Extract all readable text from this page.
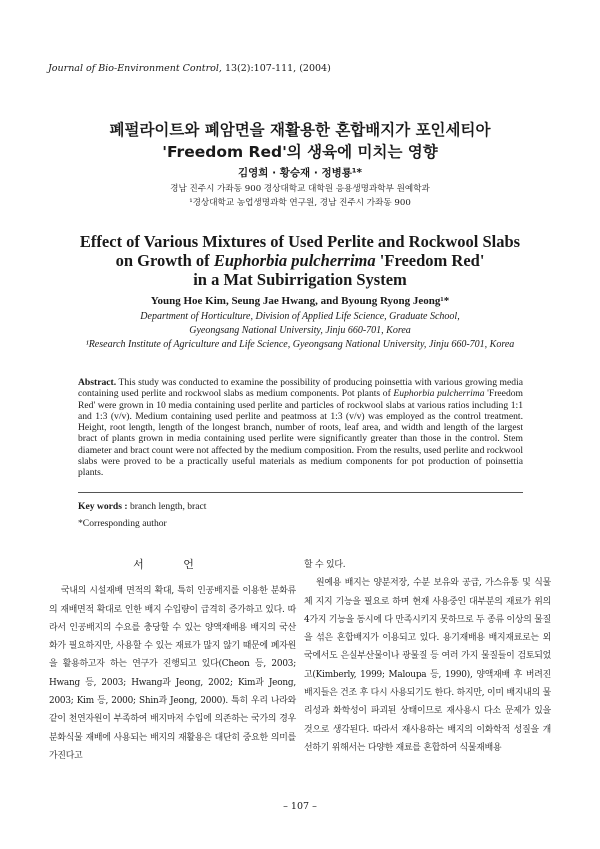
Journal of Bio-Environment Control, 13(2):107-111, (2004)
폐펄라이트와 폐암면을 재활용한 혼합배지가 포인세티아
'Freedom Red'의 생육에 미치는 영향
김영희 · 황승재 · 정병룡¹*
경남 진주시 가좌동 900 경상대학교 대학원 응용생명과학부 원예학과
¹경상대학교 농업생명과학 연구원, 경남 진주시 가좌동 900
Effect of Various Mixtures of Used Perlite and Rockwool Slabs
on Growth of Euphorbia pulcherrima 'Freedom Red'
in a Mat Subirrigation System
Young Hoe Kim, Seung Jae Hwang, and Byoung Ryong Jeong¹*
Department of Horticulture, Division of Applied Life Science, Graduate School,
Gyeongsang National University, Jinju 660-701, Korea
¹Research Institute of Agriculture and Life Science, Gyeongsang National University, Jinju 660-701, Korea
Abstract. This study was conducted to examine the possibility of producing poinsettia with various growing media containing used perlite and rockwool slabs as medium components. Pot plants of Euphorbia pulcherrima 'Freedom Red' were grown in 10 media containing used perlite and particles of rockwool slabs at various ratios including 1:1 and 1:3 (v/v). Medium containing used perlite and peatmoss at 1:3 (v/v) was employed as the control treatment. Height, root length, length of the longest branch, number of roots, leaf area, and width and length of the largest bract of plants grown in media containing used perlite were significantly greater than those in the control. Stem diameter and bract count were not affected by the medium composition. From the results, used perlite and rockwool slabs were proved to be a practically useful materials as medium components for pot production of poinsettia plants.
Key words : branch length, bract
*Corresponding author
서 언

국내의 시설재배 면적의 확대, 특히 인공배지를 이용한 분화류의 재배면적 확대로 인한 배지 수입량이 급격히 증가하고 있다. 따라서 인공배지의 수요를 충당할 수 있는 양액재배용 배지의 국산화가 필요하지만, 사용할 수 있는 재료가 많지 않기 때문에 폐자원을 활용하고자 하는 연구가 진행되고 있다(Cheon 등, 2003; Hwang 등, 2003; Hwang과 Jeong, 2002; Kim과 Jeong, 2003; Kim 등, 2000; Shin과 Jeong, 2000). 특히 우리 나라와 같이 천연자원이 부족하여 배지마저 수입에 의존하는 국가의 경우 분화식물 재배에 사용되는 배지의 재활용은 대단히 중요한 의미를 가진다고

할 수 있다.

원예용 배지는 양분저장, 수분 보유와 공급, 가스유통 및 식물체 지지 기능을 필요로 하며 현재 사용중인 대부분의 재료가 위의 4가지 기능을 동시에 다 만족시키지 못하므로 두 종류 이상의 물질을 섞은 혼합배지가 이용되고 있다. 용기재배용 배지재료로는 외국에서도 은실부산물이나 광물질 등 여러 가지 물질들이 검토되었고(Kimberly, 1999; Maloupa 등, 1990), 양액재배 후 버려진 배지들은 건조 후 다시 사용되기도 한다. 하지만, 이미 배지내의 물리성과 화학성이 파괴된 상태이므로 재사용시 다소 문제가 있을 것으로 생각된다. 따라서 재사용하는 배지의 이화학적 성질을 개선하기 위해서는 다양한 재료를 혼합하여 식물재배용

– 107 –
